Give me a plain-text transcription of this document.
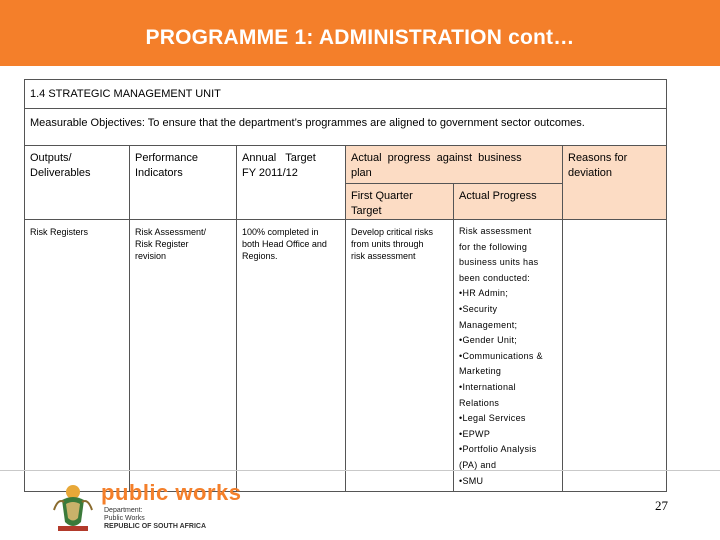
PROGRAMME 1: ADMINISTRATION cont…
1.4 STRATEGIC MANAGEMENT UNIT
Measurable Objectives: To ensure that the department’s programmes are aligned to government sector outcomes.
Outputs/
Deliverables
Performance
Indicators
Annual   Target
FY 2011/12
Actual  progress  against  business
plan
Reasons for
deviation
First Quarter
Target
Actual Progress
Risk Registers	Risk Assessment/
Risk Register
revision
100% completed in
both Head Office and
Regions.
Develop critical risks
from units through
risk assessment
Risk assessment
for the following
business units has
been conducted:
•HR Admin;
•Security
Management;
•Gender Unit;
•Communications &
Marketing
•International
Relations
•Legal Services
•EPWP
•Portfolio Analysis
(PA) and
•SMU
public works
Department:
Public Works
REPUBLIC OF SOUTH AFRICA
27
